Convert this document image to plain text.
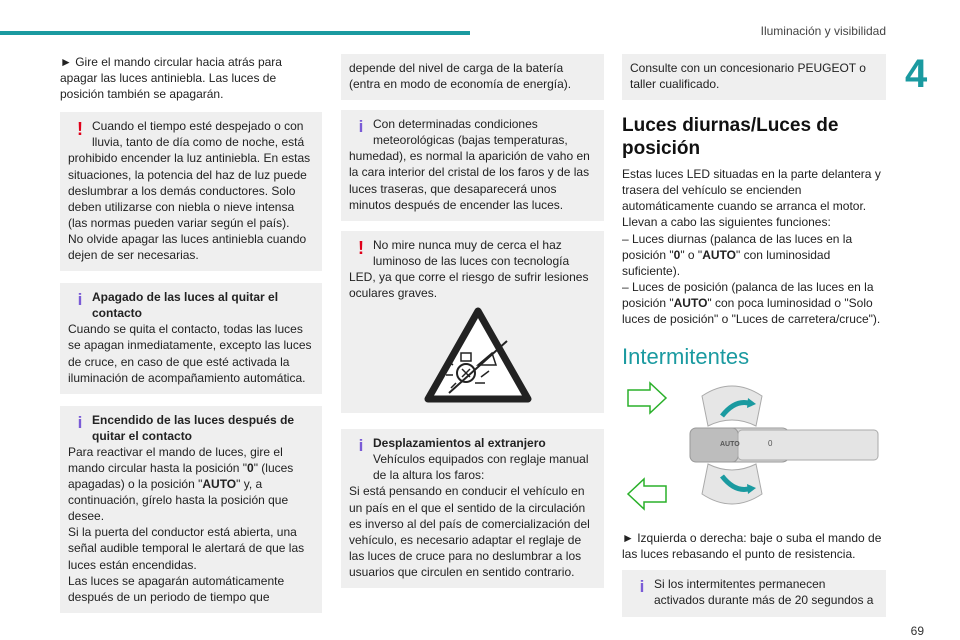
Iluminación y visibilidad
4
69

► Gire el mando circular hacia atrás para apagar las luces antiniebla. Las luces de posición también se apagarán.

! Cuando el tiempo esté despejado o con lluvia, tanto de día como de noche, está

prohibido encender la luz antiniebla. En estas situaciones, la potencia del haz de luz puede deslumbrar a los demás conductores. Solo deben utilizarse con niebla o nieve intensa (las normas pueden variar según el país).

No olvide apagar las luces antiniebla cuando dejen de ser necesarias.

i Apagado de las luces al quitar el contacto

Cuando se quita el contacto, todas las luces se apagan inmediatamente, excepto las luces de cruce, en caso de que esté activada la iluminación de acompañamiento automática.

i Encendido de las luces después de quitar el contacto

Para reactivar el mando de luces, gire el mando circular hasta la posición "0" (luces apagadas) o la posición "AUTO" y, a continuación, gírelo hasta la posición que desee.

Si la puerta del conductor está abierta, una señal audible temporal le alertará de que las luces están encendidas.

Las luces se apagarán automáticamente después de un periodo de tiempo que

depende del nivel de carga de la batería (entra en modo de economía de energía).

i Con determinadas condiciones meteorológicas (bajas temperaturas,

humedad), es normal la aparición de vaho en la cara interior del cristal de los faros y de las luces traseras, que desaparecerá unos minutos después de encender las luces.

! No mire nunca muy de cerca el haz luminoso de las luces con tecnología

LED, ya que corre el riesgo de sufrir lesiones oculares graves.

i Desplazamientos al extranjero

Vehículos equipados con reglaje manual de la altura los faros:

Si está pensando en conducir el vehículo en un país en el que el sentido de la circulación es inverso al del país de comercialización del vehículo, es necesario adaptar el reglaje de las luces de cruce para no deslumbrar a los usuarios que circulen en sentido contrario.

Consulte con un concesionario PEUGEOT o taller cualificado.

Luces diurnas/Luces de posición

Estas luces LED situadas en la parte delantera y trasera del vehículo se encienden automáticamente cuando se arranca el motor.

Llevan a cabo las siguientes funciones:

– Luces diurnas (palanca de las luces en la posición "0" o "AUTO" con luminosidad suficiente).

– Luces de posición (palanca de las luces en la posición "AUTO" con poca luminosidad o "Solo luces de posición" o "Luces de carretera/cruce").

Intermitentes
AUTO	0

► Izquierda o derecha: baje o suba el mando de las luces rebasando el punto de resistencia.

i Si los intermitentes permanecen activados durante más de 20 segundos a
